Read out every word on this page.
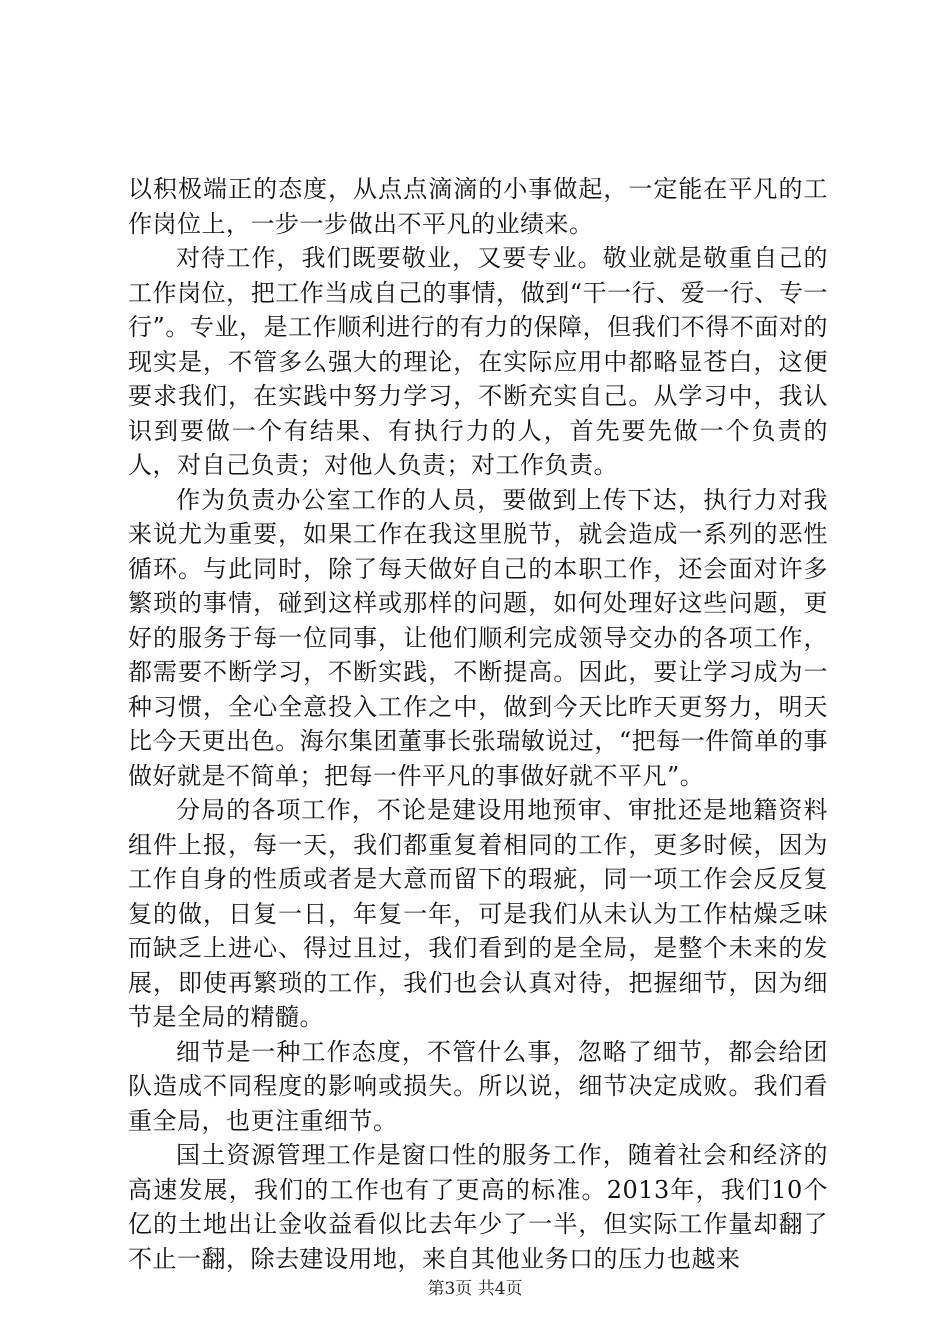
以积极端正的态度，从点点滴滴的小事做起，一定能在平凡的工作岗位上，一步一步做出不平凡的业绩来。

对待工作，我们既要敬业，又要专业。敬业就是敬重自己的工作岗位，把工作当成自己的事情，做到“干一行、爱一行、专一行”。专业，是工作顺利进行的有力的保障，但我们不得不面对的现实是，不管多么强大的理论，在实际应用中都略显苍白，这便要求我们，在实践中努力学习，不断充实自己。从学习中，我认识到要做一个有结果、有执行力的人，首先要先做一个负责的人，对自己负责；对他人负责；对工作负责。

作为负责办公室工作的人员，要做到上传下达，执行力对我来说尤为重要，如果工作在我这里脱节，就会造成一系列的恶性循环。与此同时，除了每天做好自己的本职工作，还会面对许多繁琐的事情，碰到这样或那样的问题，如何处理好这些问题，更好的服务于每一位同事，让他们顺利完成领导交办的各项工作，都需要不断学习，不断实践，不断提高。因此，要让学习成为一种习惯，全心全意投入工作之中，做到今天比昨天更努力，明天比今天更出色。海尔集团董事长张瑞敏说过，“把每一件简单的事做好就是不简单；把每一件平凡的事做好就不平凡”。

分局的各项工作，不论是建设用地预审、审批还是地籍资料组件上报，每一天，我们都重复着相同的工作，更多时候，因为工作自身的性质或者是大意而留下的瑕疵，同一项工作会反反复复的做，日复一日，年复一年，可是我们从未认为工作枯燥乏味而缺乏上进心、得过且过，我们看到的是全局，是整个未来的发展，即使再繁琐的工作，我们也会认真对待，把握细节，因为细节是全局的精髓。

细节是一种工作态度，不管什么事，忽略了细节，都会给团队造成不同程度的影响或损失。所以说，细节决定成败。我们看重全局，也更注重细节。

国土资源管理工作是窗口性的服务工作，随着社会和经济的高速发展，我们的工作也有了更高的标准。2013年，我们10个亿的土地出让金收益看似比去年少了一半，但实际工作量却翻了不止一翻，除去建设用地，来自其他业务口的压力也越来

第3页 共4页
